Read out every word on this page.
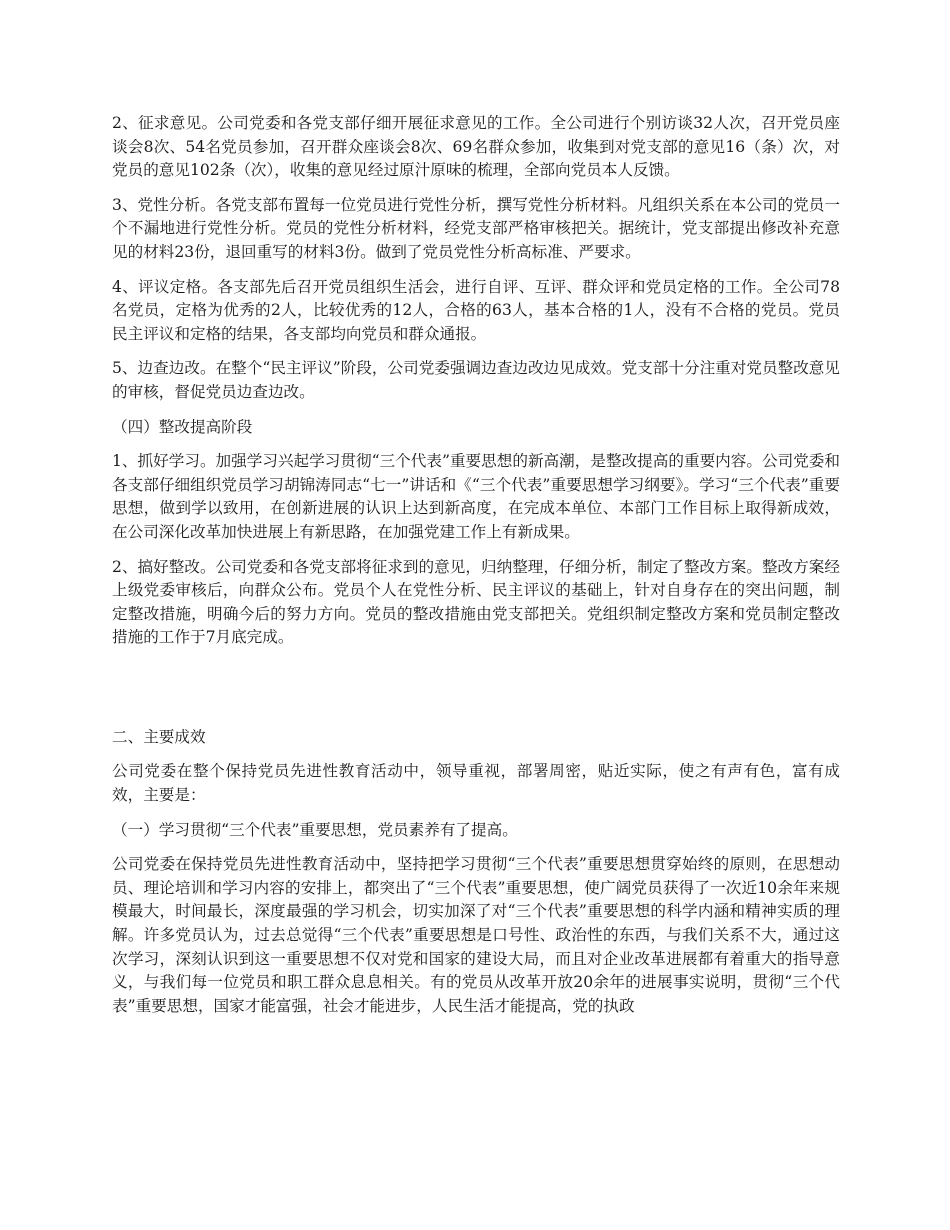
2、征求意见。公司党委和各党支部仔细开展征求意见的工作。全公司进行个别访谈32人次，召开党员座谈会8次、54名党员参加，召开群众座谈会8次、69名群众参加，收集到对党支部的意见16（条）次，对党员的意见102条（次），收集的意见经过原汁原味的梳理，全部向党员本人反馈。

3、党性分析。各党支部布置每一位党员进行党性分析，撰写党性分析材料。凡组织关系在本公司的党员一个不漏地进行党性分析。党员的党性分析材料，经党支部严格审核把关。据统计，党支部提出修改补充意见的材料23份，退回重写的材料3份。做到了党员党性分析高标准、严要求。

4、评议定格。各支部先后召开党员组织生活会，进行自评、互评、群众评和党员定格的工作。全公司78名党员，定格为优秀的2人，比较优秀的12人，合格的63人，基本合格的1人，没有不合格的党员。党员民主评议和定格的结果，各支部均向党员和群众通报。

5、边查边改。在整个“民主评议”阶段，公司党委强调边查边改边见成效。党支部十分注重对党员整改意见的审核，督促党员边查边改。

（四）整改提高阶段

1、抓好学习。加强学习兴起学习贯彻“三个代表”重要思想的新高潮，是整改提高的重要内容。公司党委和各支部仔细组织党员学习胡锦涛同志“七一”讲话和《“三个代表”重要思想学习纲要》。学习“三个代表”重要思想，做到学以致用，在创新进展的认识上达到新高度，在完成本单位、本部门工作目标上取得新成效，在公司深化改革加快进展上有新思路，在加强党建工作上有新成果。

2、搞好整改。公司党委和各党支部将征求到的意见，归纳整理，仔细分析，制定了整改方案。整改方案经上级党委审核后，向群众公布。党员个人在党性分析、民主评议的基础上，针对自身存在的突出问题，制定整改措施，明确今后的努力方向。党员的整改措施由党支部把关。党组织制定整改方案和党员制定整改措施的工作于7月底完成。

二、主要成效

公司党委在整个保持党员先进性教育活动中，领导重视，部署周密，贴近实际，使之有声有色，富有成效，主要是：

（一）学习贯彻“三个代表”重要思想，党员素养有了提高。

公司党委在保持党员先进性教育活动中，坚持把学习贯彻“三个代表”重要思想贯穿始终的原则，在思想动员、理论培训和学习内容的安排上，都突出了“三个代表”重要思想，使广阔党员获得了一次近10余年来规模最大，时间最长，深度最强的学习机会，切实加深了对“三个代表”重要思想的科学内涵和精神实质的理解。许多党员认为，过去总觉得“三个代表”重要思想是口号性、政治性的东西，与我们关系不大，通过这次学习，深刻认识到这一重要思想不仅对党和国家的建设大局，而且对企业改革进展都有着重大的指导意义，与我们每一位党员和职工群众息息相关。有的党员从改革开放20余年的进展事实说明，贯彻“三个代表”重要思想，国家才能富强，社会才能进步，人民生活才能提高，党的执政
